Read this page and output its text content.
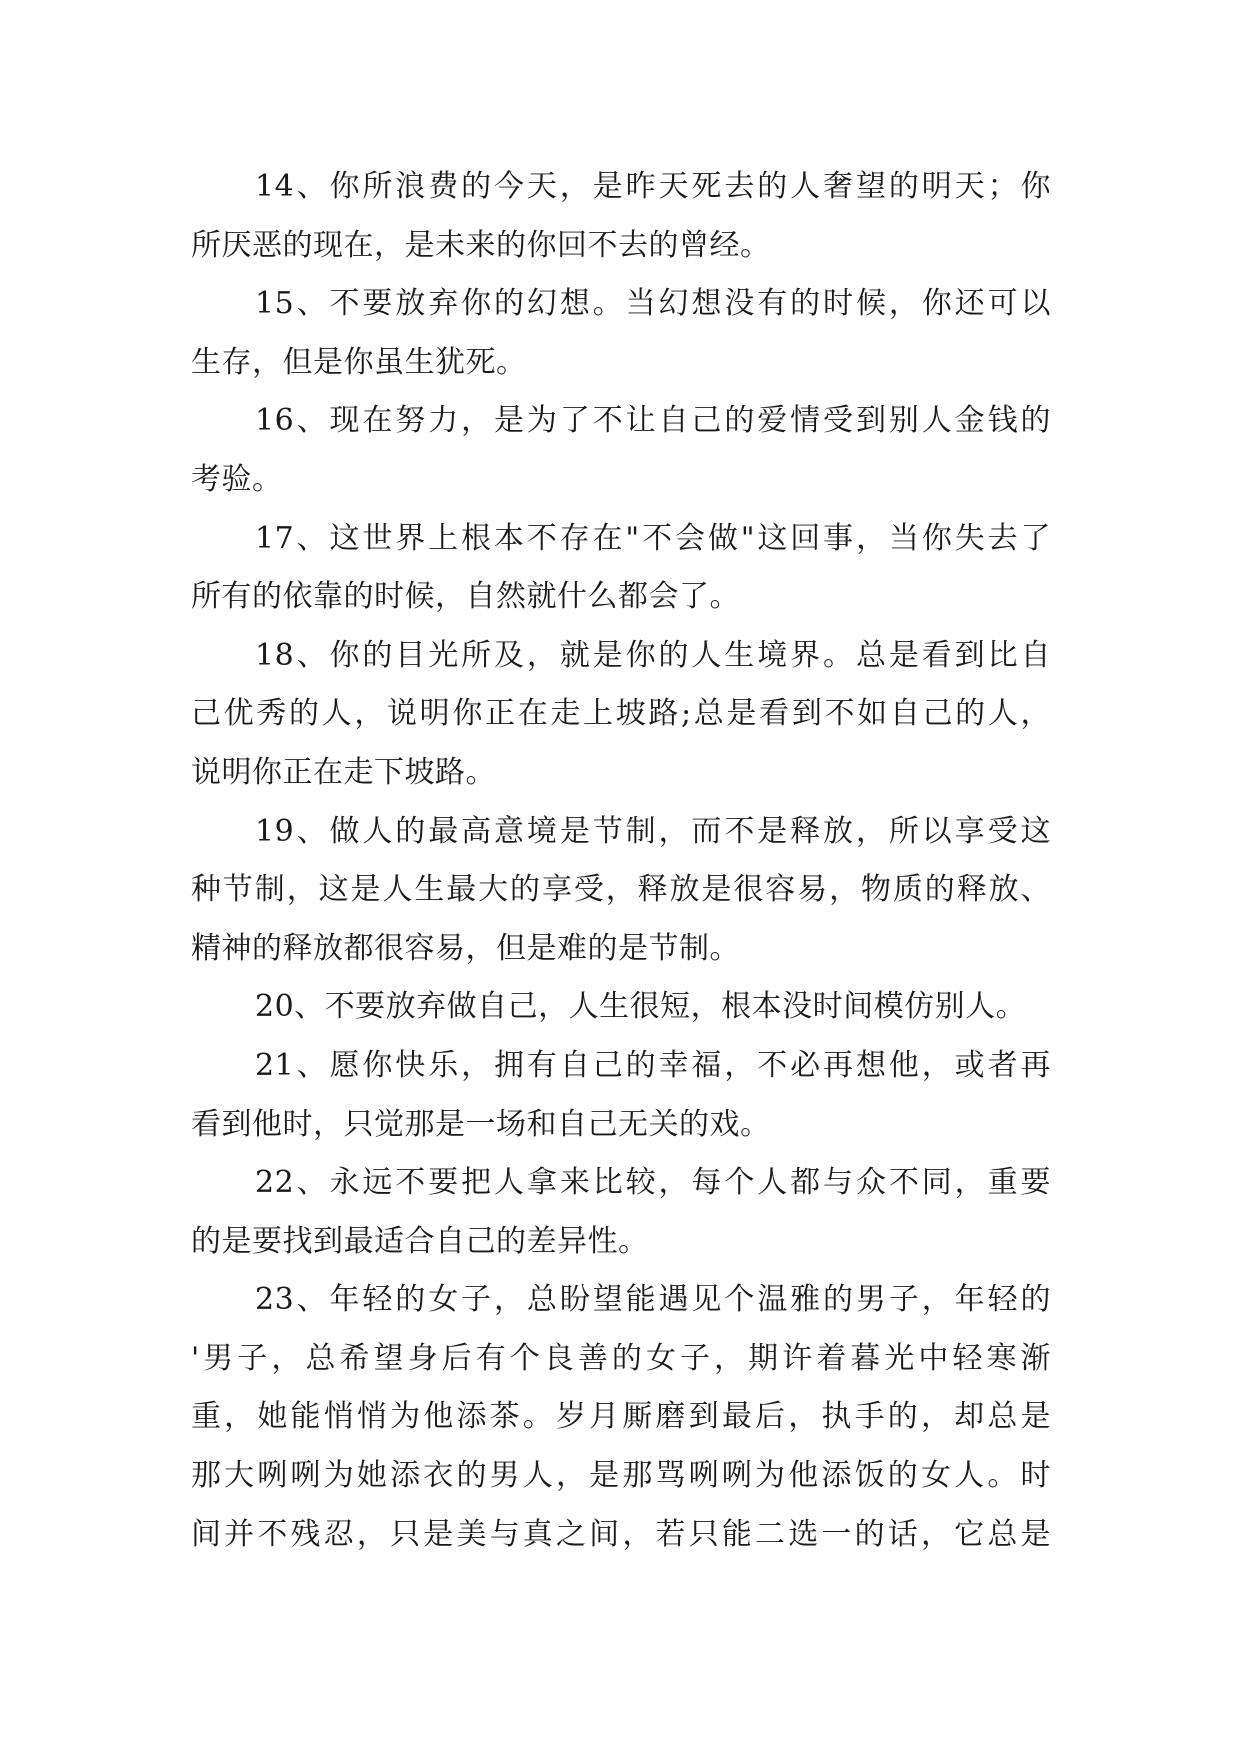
14、你所浪费的今天，是昨天死去的人奢望的明天；你
所厌恶的现在，是未来的你回不去的曾经。
15、不要放弃你的幻想。当幻想没有的时候，你还可以
生存，但是你虽生犹死。
16、现在努力，是为了不让自己的爱情受到别人金钱的
考验。
17、这世界上根本不存在"不会做"这回事，当你失去了
所有的依靠的时候，自然就什么都会了。
18、你的目光所及，就是你的人生境界。总是看到比自
己优秀的人，说明你正在走上坡路;总是看到不如自己的人，
说明你正在走下坡路。
19、做人的最高意境是节制，而不是释放，所以享受这
种节制，这是人生最大的享受，释放是很容易，物质的释放、
精神的释放都很容易，但是难的是节制。
20、不要放弃做自己，人生很短，根本没时间模仿别人。
21、愿你快乐，拥有自己的幸福，不必再想他，或者再
看到他时，只觉那是一场和自己无关的戏。
22、永远不要把人拿来比较，每个人都与众不同，重要
的是要找到最适合自己的差异性。
23、年轻的女子，总盼望能遇见个温雅的男子，年轻的
'男子，总希望身后有个良善的女子，期许着暮光中轻寒渐
重，她能悄悄为他添茶。岁月厮磨到最后，执手的，却总是
那大咧咧为她添衣的男人，是那骂咧咧为他添饭的女人。时
间并不残忍，只是美与真之间，若只能二选一的话，它总是
